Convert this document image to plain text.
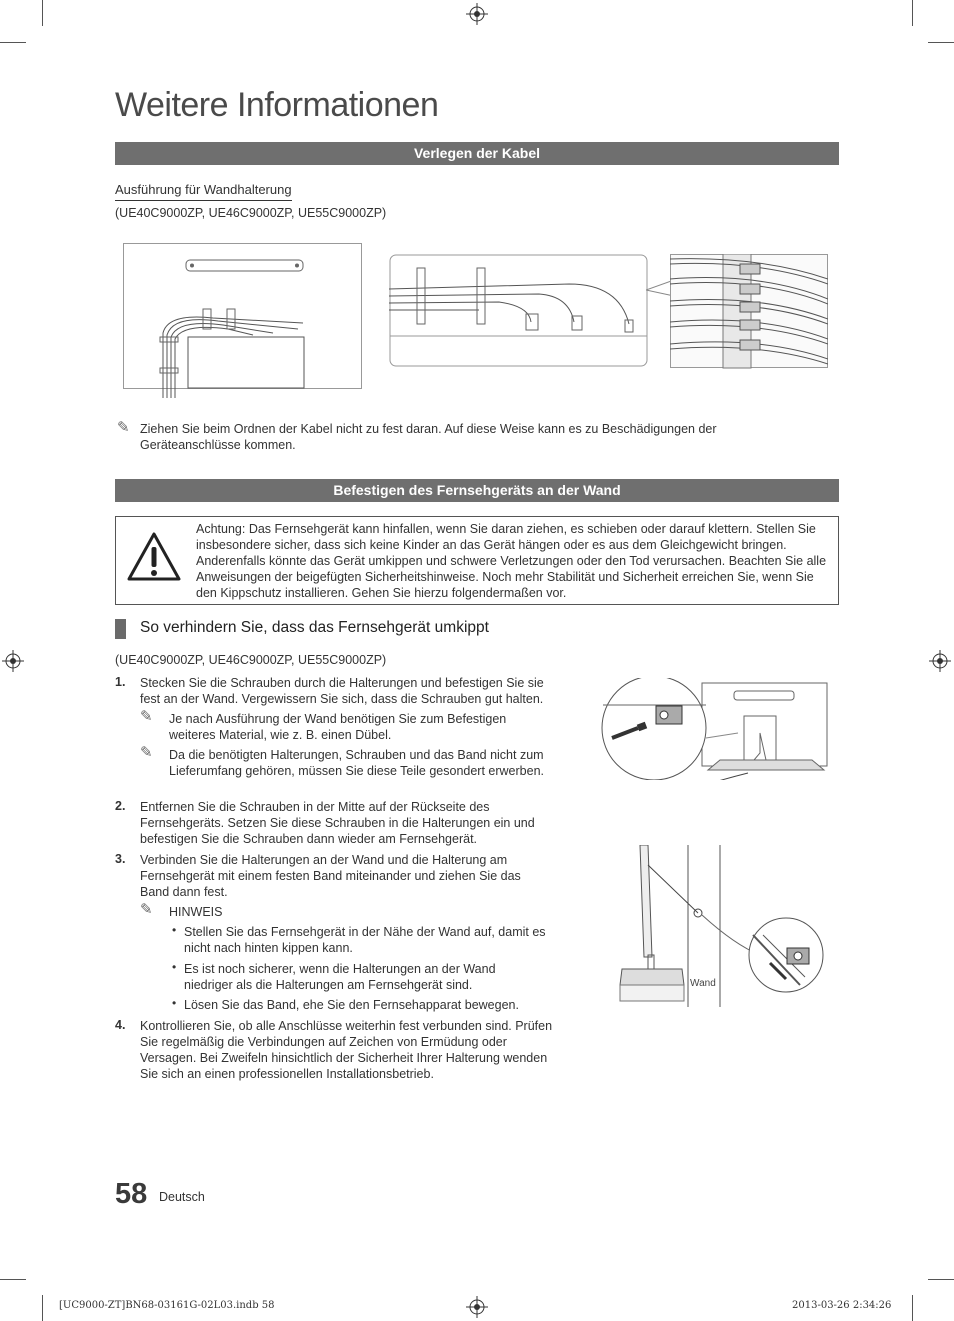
Weitere Informationen
Verlegen der Kabel
Ausführung für Wandhalterung
(UE40C9000ZP, UE46C9000ZP, UE55C9000ZP)
✎ Ziehen Sie beim Ordnen der Kabel nicht zu fest daran. Auf diese Weise kann es zu Beschädigungen der Geräteanschlüsse kommen.
Befestigen des Fernsehgeräts an der Wand
Achtung: Das Fernsehgerät kann hinfallen, wenn Sie daran ziehen, es schieben oder darauf klettern. Stellen Sie insbesondere sicher, dass sich keine Kinder an das Gerät hängen oder es aus dem Gleichgewicht bringen. Anderenfalls könnte das Gerät umkippen und schwere Verletzungen oder den Tod verursachen. Beachten Sie alle Anweisungen der beigefügten Sicherheitshinweise. Noch mehr Stabilität und Sicherheit erreichen Sie, wenn Sie den Kippschutz installieren. Gehen Sie hierzu folgendermaßen vor.
So verhindern Sie, dass das Fernsehgerät umkippt
(UE40C9000ZP, UE46C9000ZP, UE55C9000ZP)
1. Stecken Sie die Schrauben durch die Halterungen und befestigen Sie sie fest an der Wand. Vergewissern Sie sich, dass die Schrauben gut halten.
✎ Je nach Ausführung der Wand benötigen Sie zum Befestigen weiteres Material, wie z. B. einen Dübel.
✎ Da die benötigten Halterungen, Schrauben und das Band nicht zum Lieferumfang gehören, müssen Sie diese Teile gesondert erwerben.
2. Entfernen Sie die Schrauben in der Mitte auf der Rückseite des Fernsehgeräts. Setzen Sie diese Schrauben in die Halterungen ein und befestigen Sie die Schrauben dann wieder am Fernsehgerät.
3. Verbinden Sie die Halterungen an der Wand und die Halterung am Fernsehgerät mit einem festen Band miteinander und ziehen Sie das Band dann fest.
✎ HINWEIS
• Stellen Sie das Fernsehgerät in der Nähe der Wand auf, damit es nicht nach hinten kippen kann.
• Es ist noch sicherer, wenn die Halterungen an der Wand niedriger als die Halterungen am Fernsehgerät sind.
• Lösen Sie das Band, ehe Sie den Fernsehapparat bewegen.
4. Kontrollieren Sie, ob alle Anschlüsse weiterhin fest verbunden sind. Prüfen Sie regelmäßig die Verbindungen auf Zeichen von Ermüdung oder Versagen. Bei Zweifeln hinsichtlich der Sicherheit Ihrer Halterung wenden Sie sich an einen professionellen Installationsbetrieb.
Wand
58 Deutsch
[UC9000-ZT]BN68-03161G-02L03.indb 58	2013-03-26 2:34:26
